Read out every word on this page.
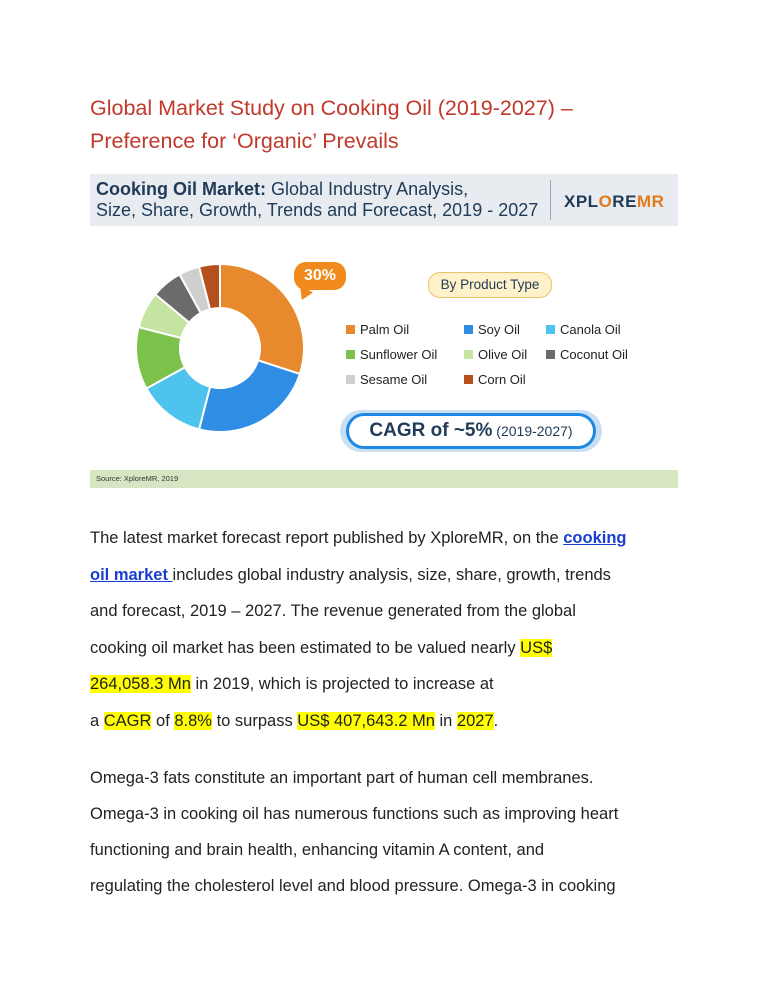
Global Market Study on Cooking Oil (2019-2027) –
Preference for ‘Organic’ Prevails
Cooking Oil Market: Global Industry Analysis,
Size, Share, Growth, Trends and Forecast, 2019 - 2027 XPLOREMR
30%
By Product Type
Palm Oil	Soy Oil	Canola Oil
Sunflower Oil	Olive Oil	Coconut Oil
Sesame Oil	Corn Oil
CAGR of ~5% (2019-2027)
Source: XploreMR, 2019
The latest market forecast report published by XploreMR, on the cooking
oil market includes global industry analysis, size, share, growth, trends
and forecast, 2019 – 2027. The revenue generated from the global
cooking oil market has been estimated to be valued nearly US$
264,058.3 Mn in 2019, which is projected to increase at
a CAGR of 8.8% to surpass US$ 407,643.2 Mn in 2027.
Omega-3 fats constitute an important part of human cell membranes.
Omega-3 in cooking oil has numerous functions such as improving heart
functioning and brain health, enhancing vitamin A content, and
regulating the cholesterol level and blood pressure. Omega-3 in cooking
